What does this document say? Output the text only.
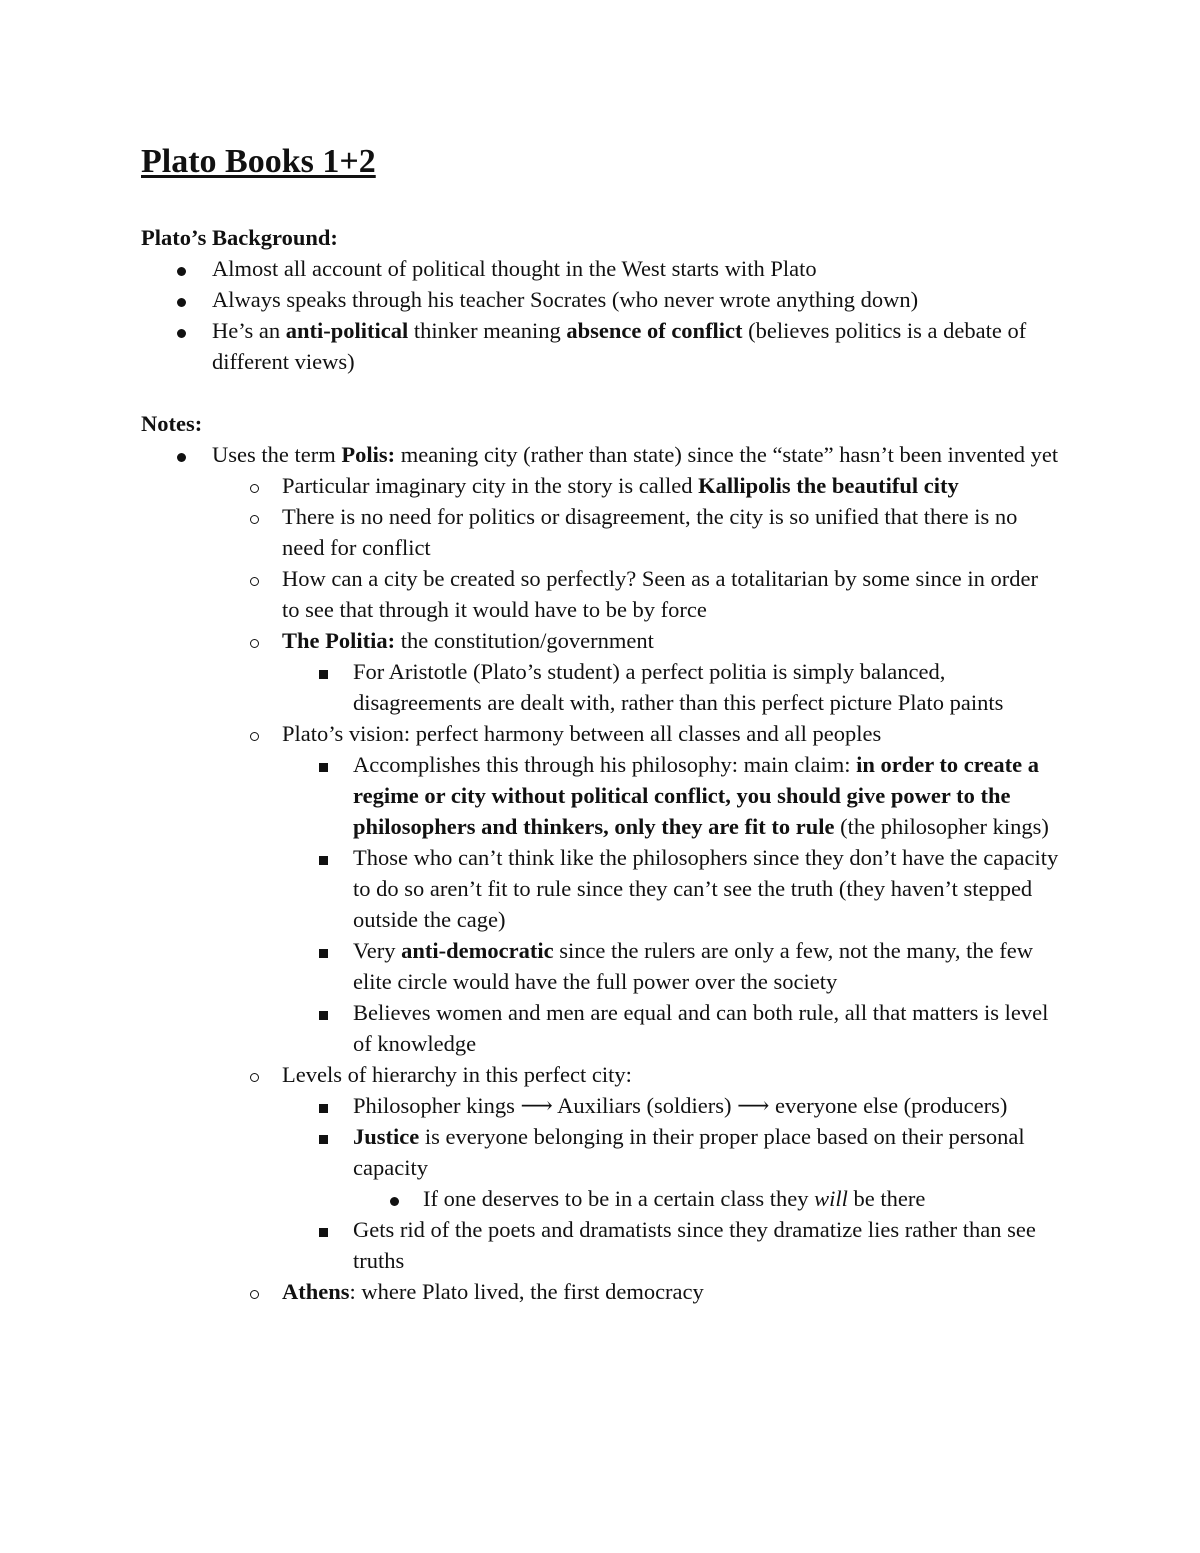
Plato Books 1+2

Plato’s Background:

Almost all account of political thought in the West starts with Plato
Always speaks through his teacher Socrates (who never wrote anything down)
He’s an anti-political thinker meaning absence of conflict (believes politics is a debate of different views)

Notes:

Uses the term Polis: meaning city (rather than state) since the “state” hasn’t been invented yet
Particular imaginary city in the story is called Kallipolis the beautiful city
There is no need for politics or disagreement, the city is so unified that there is no need for conflict
How can a city be created so perfectly? Seen as a totalitarian by some since in order to see that through it would have to be by force
The Politia: the constitution/government
For Aristotle (Plato’s student) a perfect politia is simply balanced, disagreements are dealt with, rather than this perfect picture Plato paints
Plato’s vision: perfect harmony between all classes and all peoples
Accomplishes this through his philosophy: main claim: in order to create a regime or city without political conflict, you should give power to the philosophers and thinkers, only they are fit to rule (the philosopher kings)
Those who can’t think like the philosophers since they don’t have the capacity to do so aren’t fit to rule since they can’t see the truth (they haven’t stepped outside the cage)
Very anti-democratic since the rulers are only a few, not the many, the few elite circle would have the full power over the society
Believes women and men are equal and can both rule, all that matters is level of knowledge
Levels of hierarchy in this perfect city:
Philosopher kings ⟶ Auxiliars (soldiers) ⟶ everyone else (producers)
Justice is everyone belonging in their proper place based on their personal capacity
If one deserves to be in a certain class they will be there
Gets rid of the poets and dramatists since they dramatize lies rather than see truths
Athens: where Plato lived, the first democracy
